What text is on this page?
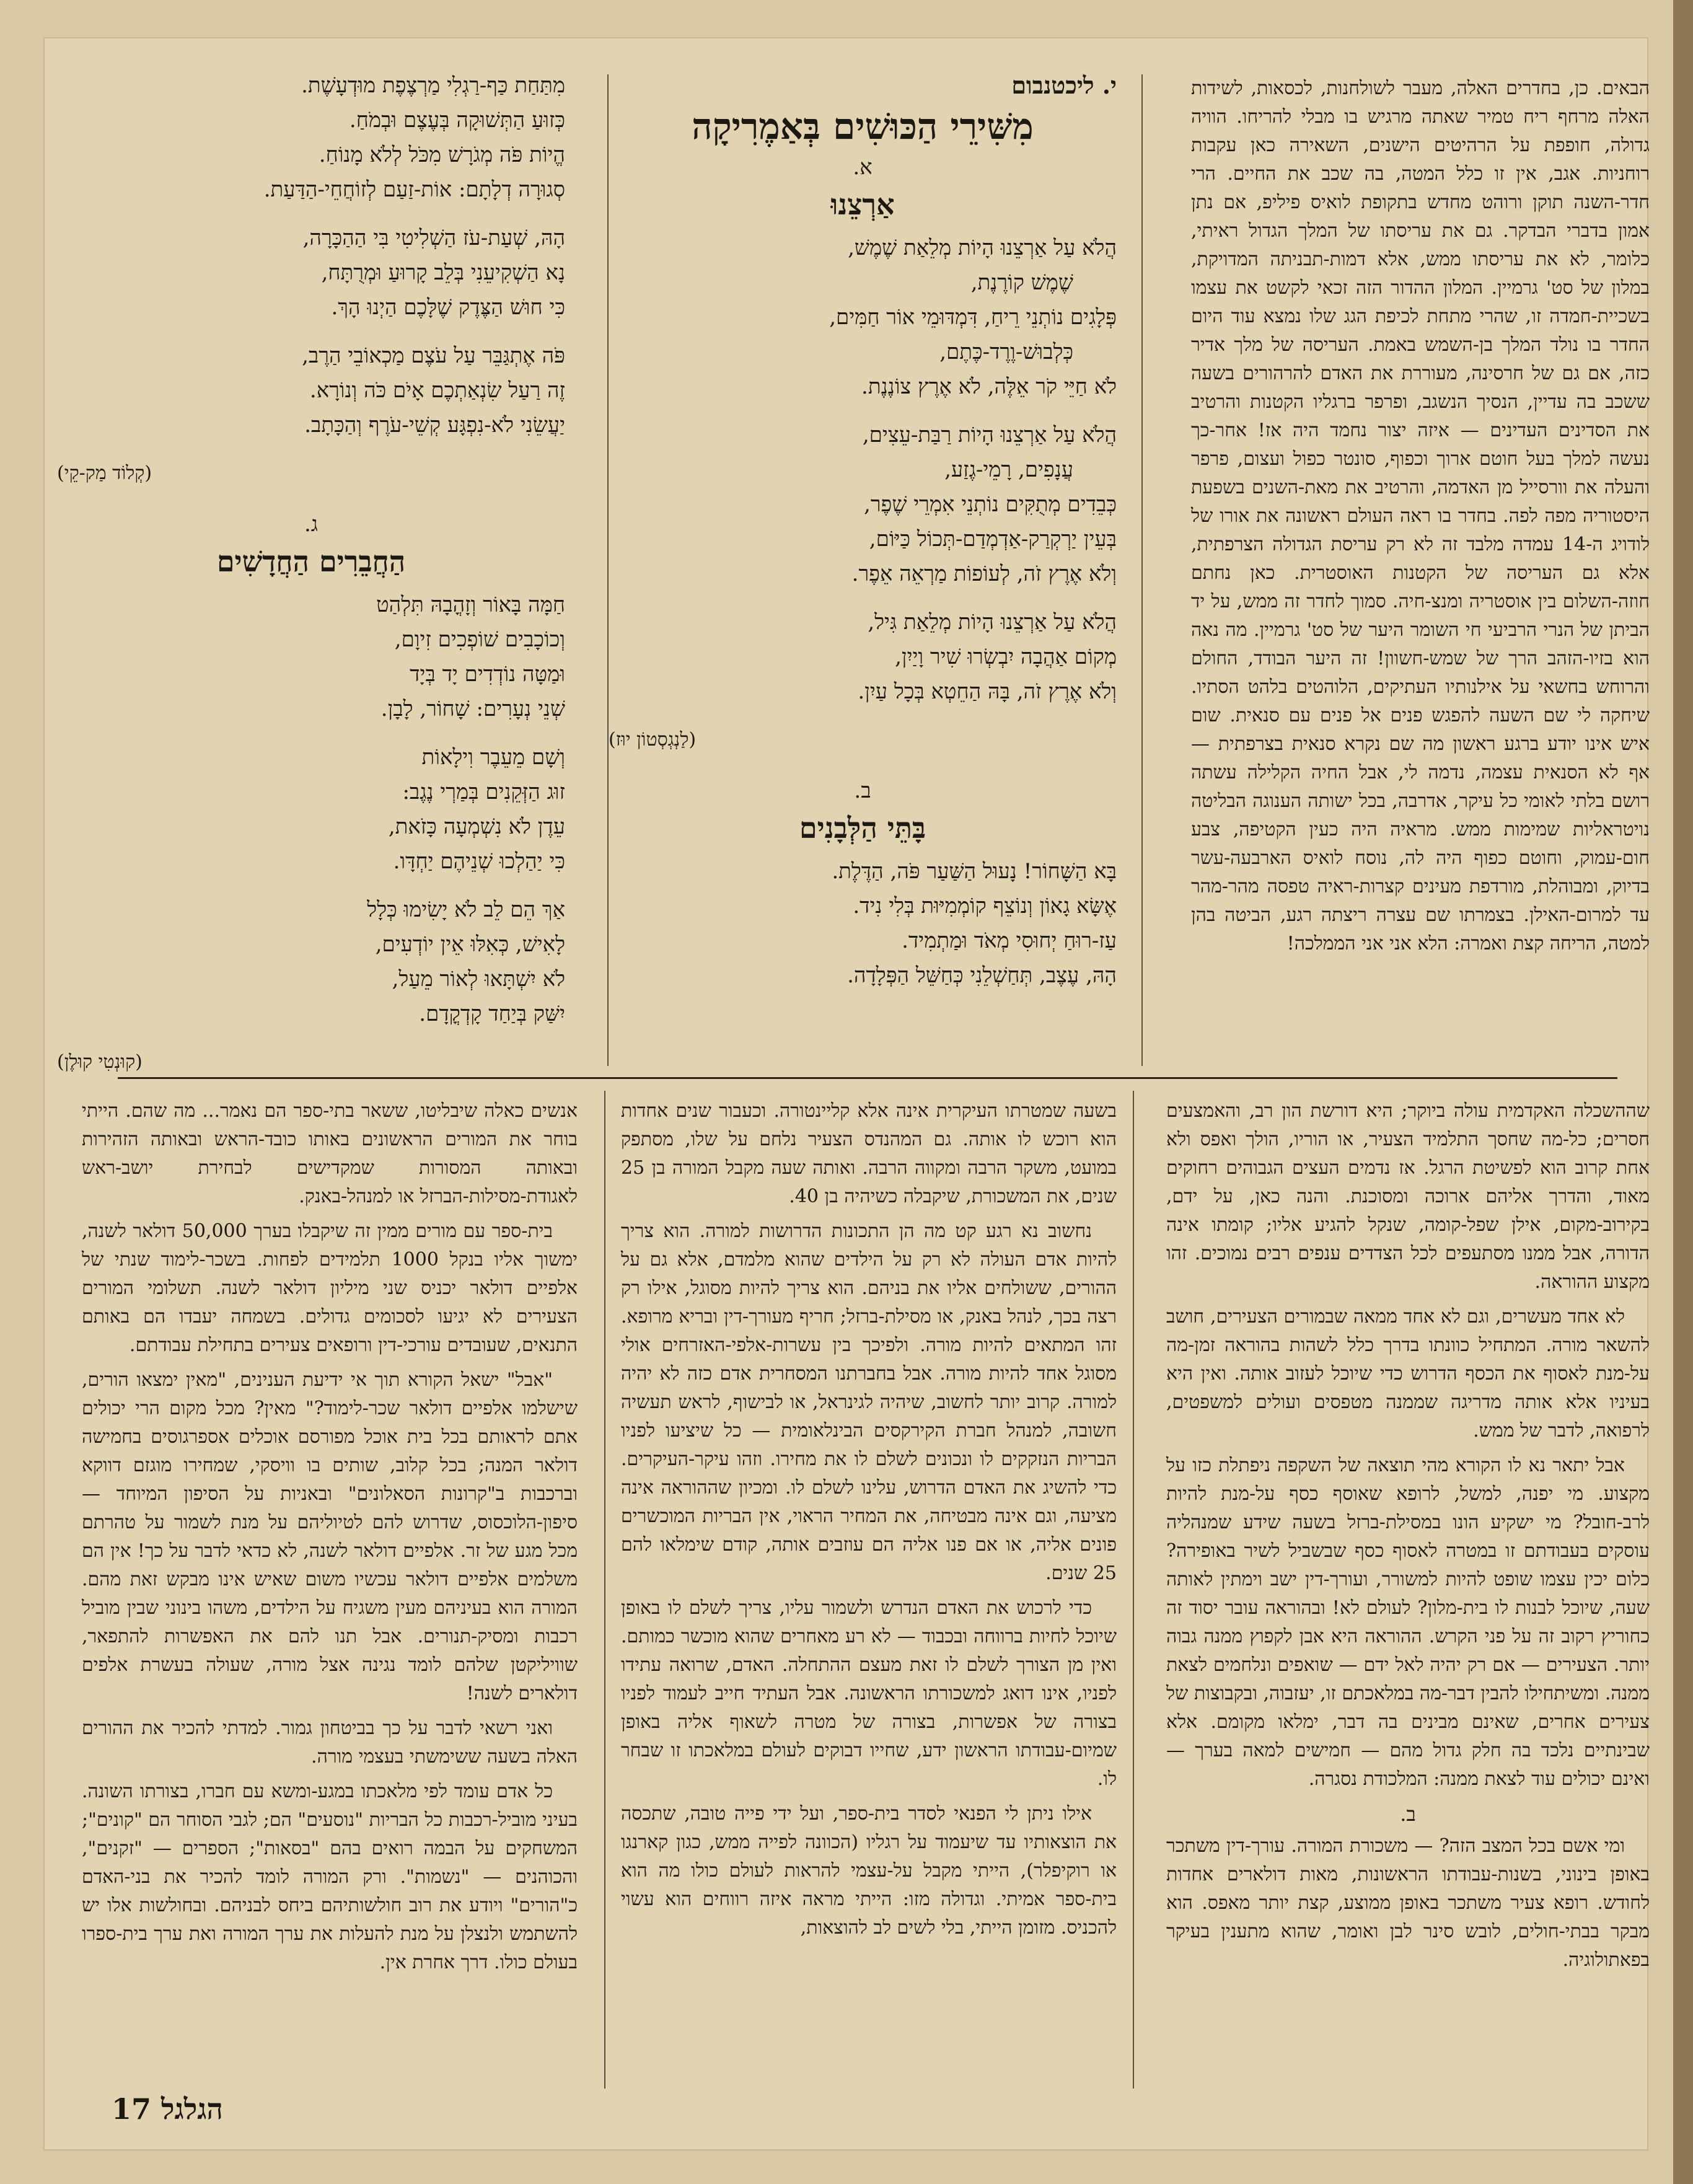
הבאים. כן, בחדרים האלה, מעבר לשולחנות, לכסאות, לשידות האלה מרחף ריח טמיר שאתה מרגיש בו מבלי להריחו. הוויה גדולה, חופפת על הרהיטים הישנים, השאירה כאן עקבות רוחניות. אגב, אין זו כלל המטה, בה שכב את החיים. הרי חדר-השנה תוקן ורוהט מחדש בתקופת לואיס פיליפ, אם נתן אמון בדברי הבדקר. גם את עריסתו של המלך הגדול ראיתי, כלומר, לא את עריסתו ממש, אלא דמות-תבניתה המדויקת, במלון של סט' גרמיין. המלון ההדור הזה זכאי לקשט את עצמו בשכיית-חמדה זו, שהרי מתחת לכיפת הגג שלו נמצא עוד היום החדר בו נולד המלך בן-השמש באמת. העריסה של מלך אדיר כזה, אם גם של חרסינה, מעוררת את האדם להרהורים בשעה ששכב בה עדיין, הנסיך הנשגב, ופרפר ברגליו הקטנות והרטיב את הסדינים העדינים — איזה יצור נחמד היה אז! אחר-כך נעשה למלך בעל חוטם ארוך וכפוף, סונטר כפול ועצום, פרפר והעלה את וורסייל מן האדמה, והרטיב את מאת-השנים בשפעת היסטוריה מפה לפה. בחדר בו ראה העולם ראשונה את אורו של לודויג ה-14 עמדה מלבד זה לא רק עריסת הגדולה הצרפתית, אלא גם העריסה של הקטנות האוסטרית. כאן נחתם חוזה-השלום בין אוסטריה ומנצ-חיה. סמוך לחדר זה ממש, על יד הביתן של הנרי הרביעי חי השומר היער של סט' גרמיין. מה נאה הוא בזיו-הזהב הרך של שמש-חשוון! זה היער הבודד, החולם והרוחש בחשאי על אילנותיו העתיקים, הלוהטים בלהט הסתיו. שיחקה לי שם השעה להפגש פנים אל פנים עם סנאית. שום איש אינו יודע ברגע ראשון מה שם נקרא סנאית בצרפתית — אף לא הסנאית עצמה, נדמה לי, אבל החיה הקלילה עשתה רושם בלתי לאומי כל עיקר, אדרבה, בכל ישותה הענוגה הבליטה נויטראליות שמימות ממש. מראיה היה כעין הקטיפה, צבע חום-עמוק, וחוטם כפוף היה לה, נוסח לואיס הארבעה-עשר בדיוק, ומבוהלת, מורדפת מעינים קצרות-ראיה טפסה מהר-מהר עד למרום-האילן. בצמרתו שם עצרה ריצתה רגע, הביטה בהן למטה, הריחה קצת ואמרה: הלא אני אני הממלכה!

י. ליכטנבום
מִשִּׁירֵי הַכּוּשִׁים בְּאַמֶרִיקָה
א.
אַרְצֵנוּ
הֲלֹא עַל אַרְצֵנוּ הָיוֹת מְלֵאַת שֶׁמֶשׁ,
שֶׁמֶשׁ קוֹרֶנֶת,
פְּלָגִים נוֹתְנֵי רֵיחַ, דִּמְדּוּמֵי אוֹר חַמִּים,
כְּלְבוּשׁ-וֶרֶד-כֶּתֶם,
לֹא חַיֵּי קֹר אֵלֶּה, לֹא אֶרֶץ צוֹנֶנֶת.
הֲלֹא עַל אַרְצֵנוּ הָיוֹת רַבַּת-עֵצִים,
עֲנָפִים, רָמֵי-גֶזַע,
כְּבֵדִים מְתֻקִּים נוֹתְנֵי אִמְרֵי שֶׁפֶר,
בְּעֵין יַרְקְרַק-אַדְמְדַם-תְּכוֹל כַּיּוֹם,
וְלֹא אֶרֶץ זֹה, לְעוֹפוֹת מַרְאֵה אֵפֶר.
הֲלֹא עַל אַרְצֵנוּ הָיוֹת מְלֵאַת גִּיל,
מְקוֹם אַהֲבָה יִבְשְׂרוּ שִׁיר וָיַיִן,
וְלֹא אֶרֶץ זֹה, בָּהּ הַחֵטְא בְּכָל עַיִן.
(לַנְגְסְטוֹן יוּז)
ב.
בָּתֵּי הַלְּבָנִים
בָּא הַשָּׁחוֹר! נָעוּל הַשַּׁעַר פֹּה, הַדֶּלֶת.
אֶשָּׂא גָאוֹן וְנוֹצֵף קוֹמְמִיּוּת בְּלִי נִיד.
עַז-רוּחַ יְחוּסִי מְאֹד וּמַתְמִיד.
הָהּ, עֶצֶב, תְּחַשְׁלֵנִי כְּחַשֵּׁל הַפְּלָדָה.
מִתַּחַת כַּף-רַגְלִי מַרְצֶפֶת מוּדְעָשֶׁת.
כְּזוּעַ הַתְּשׁוּקָה בְּעֶצֶם וּבְמֹחַ.
הֱיוֹת פֹּה מְגֹרָשׁ מִכֹּל לְלֹא מָנוֹחַ.
סְגוּרָה דְלָתָם: אוֹת-זַעַם לְזוֹחֲחֵי-הַדַּעַת.
הָהּ, שְׁעַת-עֹז הַשְׁלִיטִי בִּי הַהַכָּרָה,
נָא הַשְׁקִיעֵנִי בְּלֵב קָרוּעַ וּמְרֻתָּח,
כִּי חוּשׁ הַצֶּדֶק שֶׁלָּכֶם הַיְנוּ הָךְ.
פֹּה אֶתְגַּבֵּר עַל עֹצֶם מַכְאוֹבֵי הַרֶב,
זֶה רַעַל שִׂנְאַתְכֶם אָיֹם כֹּה וְנוֹרָא.
יַעֲשֵׂנִי לֹא-נִפְגָּע קְשֵׁי-עֹרֶף וְהַכָּתָב.
(קְלוֹד מַק-קֵי)
ג.
הַחֲבֵרִים הַחֲדָשִׁים
חַמָּה בָּאוֹר וְזָהֳבָהּ תִּלְהַט
וְכוֹכָבִים שׁוֹפְכִים זִיוָם,
וּמַטָּה נוֹדְדִים יָד בְּיָד
שְׁנֵי נְעָרִים: שָׁחוֹר, לָבָן.
וְשָׁם מֵעֵבֶר וִילָאוֹת
זוּג הַזְּקֵנִים בְּמַרְי נֶגֶב:
עֵדֶן לֹא נִשְׁמְעָה כָּזֹאת,
כִּי יַהַלְכוּ שְׁנֵיהֶם יַחְדָּו.
אַךְ הֵם לֵב לֹא יָשִׂימוּ כְּלָל
לָאִישׁ, כְּאִלּוּ אֵין יוֹדְעִים,
לֹא יִשְׁתָּאוּ לְאוֹר מֵעַל,
יִשַּׁק בְּיַחַד קָדְקֳדָם.
(קוּנְטִי קוּלֶן)

שההשכלה האקדמית עולה ביוקר; היא דורשת הון רב, והאמצעים חסרים; כל-מה שחסך התלמיד הצעיר, או הוריו, הולך ואפס ולא אחת קרוב הוא לפשיטת הרגל. אז נדמים העצים הגבוהים רחוקים מאוד, והדרך אליהם ארוכה ומסוכנת. והנה כאן, על ידם, בקירוב-מקום, אילן שפל-קומה, שנקל להגיע אליו; קומתו אינה הדורה, אבל ממנו מסתעפים לכל הצדדים ענפים רבים נמוכים. זהו מקצוע ההוראה.

לא אחד מעשרים, וגם לא אחד ממאה שבמורים הצעירים, חושב להשאר מורה. המתחיל כוונתו בדרך כלל לשהות בהוראה זמן-מה על-מנת לאסוף את הכסף הדרוש כדי שיוכל לעזוב אותה. ואין היא בעיניו אלא אותה מדריגה שממנה מטפסים ועולים למשפטים, לרפואה, לדבר של ממש.

אבל יתאר נא לו הקורא מהי תוצאה של השקפה ניפתלת כזו על מקצוע. מי יפנה, למשל, לרופא שאוסף כסף על-מנת להיות לרב-חובל? מי ישקיע הונו במסילת-ברזל בשעה שידע שמנהליה עוסקים בעבודתם זו במטרה לאסוף כסף שבשביל לשיר באופירה? כלום יכין עצמו שופט להיות למשורר, ועורך-דין ישב וימתין לאותה שעה, שיוכל לבנות לו בית-מלון? לעולם לא! ובהוראה עובר יסוד זה כחוריץ רקוב זה על פני הקרש. ההוראה היא אבן לקפוץ ממנה גבוה יותר. הצעירים — אם רק יהיה לאל ידם — שואפים ונלחמים לצאת ממנה. ומשיתחילו להבין דבר-מה במלאכתם זו, יעזבוה, ובקבוצות של צעירים אחרים, שאינם מבינים בה דבר, ימלאו מקומם. אלא שבינתיים נלכד בה חלק גדול מהם — חמישים למאה בערך — ואינם יכולים עוד לצאת ממנה: המלכודת נסגרה.

ב.

ומי אשם בכל המצב הזה? — משכורת המורה. עורך-דין משתכר באופן בינוני, בשנות-עבודתו הראשונות, מאות דולארים אחדות לחודש. רופא צעיר משתכר באופן ממוצע, קצת יותר מאפס. הוא מבקר בבתי-חולים, לובש סינר לבן ואומר, שהוא מתענין בעיקר בפאתולוגיה.

בשעה שמטרתו העיקרית אינה אלא קליינטורה. וכעבור שנים אחדות הוא רוכש לו אותה. גם המהנדס הצעיר נלחם על שלו, מסתפק במועט, משקר הרבה ומקווה הרבה. ואותה שעה מקבל המורה בן 25 שנים, את המשכורת, שיקבלה כשיהיה בן 40.

נחשוב נא רגע קט מה הן התכונות הדרושות למורה. הוא צריך להיות אדם העולה לא רק על הילדים שהוא מלמדם, אלא גם על ההורים, ששולחים אליו את בניהם. הוא צריך להיות מסוגל, אילו רק רצה בכך, לנהל באנק, או מסילת-ברזל; חריף מעורך-דין ובריא מרופא. זהו המתאים להיות מורה. ולפיכך בין עשרות-אלפי-האזרחים אולי מסוגל אחד להיות מורה. אבל בחברתנו המסחרית אדם כזה לא יהיה למורה. קרוב יותר לחשוב, שיהיה לגינראל, או לבישוף, לראש תעשיה חשובה, למנהל חברת הקירקסים הבינלאומית — כל שיציעו לפניו הבריות הנזקקים לו ונכונים לשלם לו את מחירו. וזהו עיקר-העיקרים. כדי להשיג את האדם הדרוש, עלינו לשלם לו. ומכיון שההוראה אינה מציעה, וגם אינה מבטיחה, את המחיר הראוי, אין הבריות המוכשרים פונים אליה, או אם פנו אליה הם עוזבים אותה, קודם שימלאו להם 25 שנים.

כדי לרכוש את האדם הנדרש ולשמור עליו, צריך לשלם לו באופן שיוכל לחיות ברווחה ובכבוד — לא רע מאחרים שהוא מוכשר כמותם. ואין מן הצורך לשלם לו זאת מעצם ההתחלה. האדם, שרואה עתידו לפניו, אינו דואג למשכורתו הראשונה. אבל העתיד חייב לעמוד לפניו בצורה של אפשרות, בצורה של מטרה לשאוף אליה באופן שמיום-עבודתו הראשון ידע, שחייו דבוקים לעולם במלאכתו זו שבחר לו.

אילו ניתן לי הפנאי לסדר בית-ספר, ועל ידי פייה טובה, שתכסה את הוצאותיו עד שיעמוד על רגליו (הכוונה לפייה ממש, כגון קארנגו או רוקיפלר), הייתי מקבל על-עצמי להראות לעולם כולו מה הוא בית-ספר אמיתי. וגדולה מזו: הייתי מראה איזה רווחים הוא עשוי להכניס. מזומן הייתי, בלי לשים לב להוצאות,

אנשים כאלה שיבליטו, ששאר בתי-ספר הם נאמר... מה שהם. הייתי בוחר את המורים הראשונים באותו כובד-הראש ובאותה הזהירות ובאותה המסורות שמקדישים לבחירת יושב-ראש לאגודת-מסילות-הברזל או למנהל-באנק.

בית-ספר עם מורים ממין זה שיקבלו בערך 50,000 דולאר לשנה, ימשוך אליו בנקל 1000 תלמידים לפחות. בשכר-לימוד שנתי של אלפיים דולאר יכניס שני מיליון דולאר לשנה. תשלומי המורים הצעירים לא יגיעו לסכומים גדולים. בשמחה יעבדו הם באותם התנאים, שעובדים עורכי-דין ורופאים צעירים בתחילת עבודתם.

"אבל" ישאל הקורא תוך אי ידיעת הענינים, "מאין ימצאו הורים, שישלמו אלפיים דולאר שכר-לימוד?" מאין? מכל מקום הרי יכולים אתם לראותם בכל בית אוכל מפורסם אוכלים אספרגוסים בחמישה דולאר המנה; בכל קלוב, שותים בו וויסקי, שמחירו מוגזם דווקא וברכבות ב"קרונות הסאלונים" ובאניות על הסיפון המיוחד — סיפון-הלוכסוס, שדרוש להם לטיוליהם על מנת לשמור על טהרתם מכל מגע של זר. אלפיים דולאר לשנה, לא כדאי לדבר על כך! אין הם משלמים אלפיים דולאר עכשיו משום שאיש אינו מבקש זאת מהם. המורה הוא בעיניהם מעין משגיח על הילדים, משהו בינוני שבין מוביל רכבות ומסיק-תנורים. אבל תנו להם את האפשרות להתפאר, שוויליקטן שלהם לומד נגינה אצל מורה, שעולה בעשרת אלפים דולארים לשנה!

ואני רשאי לדבר על כך בביטחון גמור. למדתי להכיר את ההורים האלה בשעה ששימשתי בעצמי מורה.

כל אדם עומד לפי מלאכתו במגע-ומשא עם חברו, בצורתו השונה. בעיני מוביל-רכבות כל הבריות "נוסעים" הם; לגבי הסוחר הם "קונים"; המשחקים על הבמה רואים בהם "בסאות"; הספרים — "זקנים", והכוהנים — "נשמות". ורק המורה לומד להכיר את בני-האדם כ"הורים" ויודע את רוב חולשותיהם ביחס לבניהם. ובחולשות אלו יש להשתמש ולנצלן על מנת להעלות את ערך המורה ואת ערך בית-ספרו בעולם כולו. דרך אחרת אין.

הגלגל 17
